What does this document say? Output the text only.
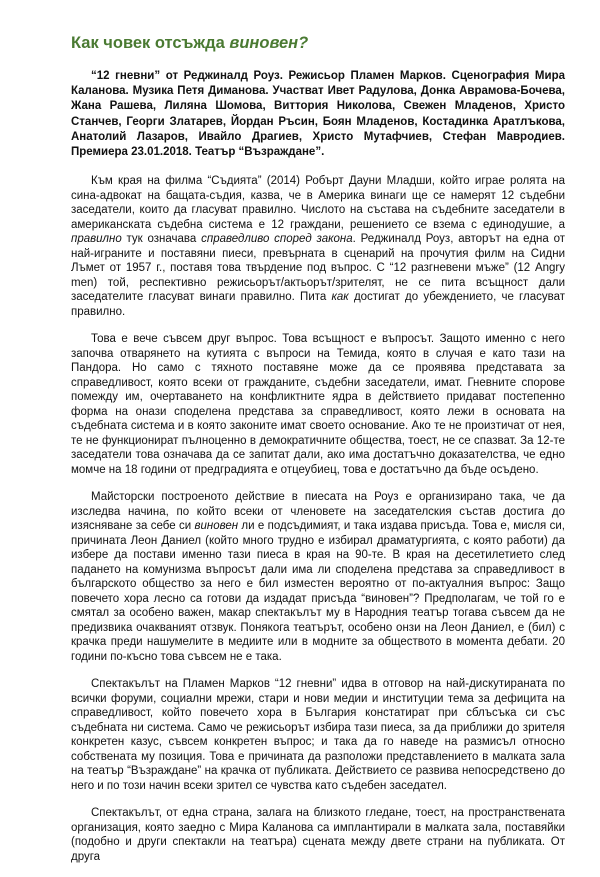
Как човек отсъжда виновен?

“12 гневни” от Реджиналд Роуз. Режисьор Пламен Марков. Сценография Мира Каланова. Музика Петя Диманова. Участват Ивет Радулова, Донка Аврамова-Бочева, Жана Рашева, Лиляна Шомова, Виттория Николова, Свежен Младенов, Христо Станчев, Георги Златарев, Йордан Ръсин, Боян Младенов, Костадинка Аратлъкова, Анатолий Лазаров, Ивайло Драгиев, Христо Мутафчиев, Стефан Мавродиев. Премиера 23.01.2018. Театър “Възраждане”.

Към края на филма “Съдията” (2014) Робърт Дауни Младши, който играе ролята на сина-адвокат на бащата-съдия, казва, че в Америка винаги ще се намерят 12 съдебни заседатели, които да гласуват правилно. Числото на състава на съдебните заседатели в американската съдебна система е 12 граждани, решението се взема с единодушие, а правилно тук означава справедливо според закона. Реджиналд Роуз, авторът на една от най-играните и поставяни пиеси, превърната в сценарий на прочутия филм на Сидни Лъмет от 1957 г., поставя това твърдение под въпрос. С “12 разгневени мъже” (12 Angry men) той, респективно режисьорът/актьорът/зрителят, не се пита всъщност дали заседателите гласуват винаги правилно. Пита как достигат до убеждението, че гласуват правилно.

Това е вече съвсем друг въпрос. Това всъщност е въпросът. Защото именно с него започва отварянето на кутията с въпроси на Темида, която в случая е като тази на Пандора. Но само с тяхното поставяне може да се проявява представата за справедливост, която всеки от гражданите, съдебни заседатели, имат. Гневните спорове помежду им, очертаването на конфликтните ядра в действието придават постепенно форма на онази споделена представа за справедливост, която лежи в основата на съдебната система и в която законите имат своето основание. Ако те не произтичат от нея, те не функционират пълноценно в демократичните общества, тоест, не се спазват. За 12-те заседатели това означава да се запитат дали, ако има достатъчно доказателства, че едно момче на 18 години от предградията е отцеубиец, това е достатъчно да бъде осъдено.

Майсторски построеното действие в пиесата на Роуз е организирано така, че да изследва начина, по който всеки от членовете на заседателския състав достига до изясняване за себе си виновен ли е подсъдимият, и така издава присъда. Това е, мисля си, причината Леон Даниел (който много трудно е избирал драматургията, с която работи) да избере да постави именно тази пиеса в края на 90-те. В края на десетилетието след падането на комунизма въпросът дали има ли споделена представа за справедливост в българското общество за него е бил изместен вероятно от по-актуалния въпрос: Защо повечето хора лесно са готови да издадат присъда “виновен”? Предполагам, че той го е смятал за особено важен, макар спектакълът му в Народния театър тогава съвсем да не предизвика очакваният отзвук. Понякога театърът, особено онзи на Леон Даниел, е (бил) с крачка преди нашумелите в медиите или в модните за обществото в момента дебати. 20 години по-късно това съвсем не е така.

Спектакълът на Пламен Марков “12 гневни” идва в отговор на най-дискутираната по всички форуми, социални мрежи, стари и нови медии и институции тема за дефицита на справедливост, който повечето хора в България констатират при сблъсъка си със съдебната ни система. Само че режисьорът избира тази пиеса, за да приближи до зрителя конкретен казус, съвсем конкретен въпрос; и така да го наведе на размисъл относно собствената му позиция. Това е причината да разположи представлението в малката зала на театър “Възраждане” на крачка от публиката. Действието се развива непосредствено до него и по този начин всеки зрител се чувства като съдебен заседател.

Спектакълът, от една страна, залага на близкото гледане, тоест, на пространствената организация, която заедно с Мира Каланова са имплантирали в малката зала, поставяйки (подобно и други спектакли на театъра) сцената между двете страни на публиката. От друга
